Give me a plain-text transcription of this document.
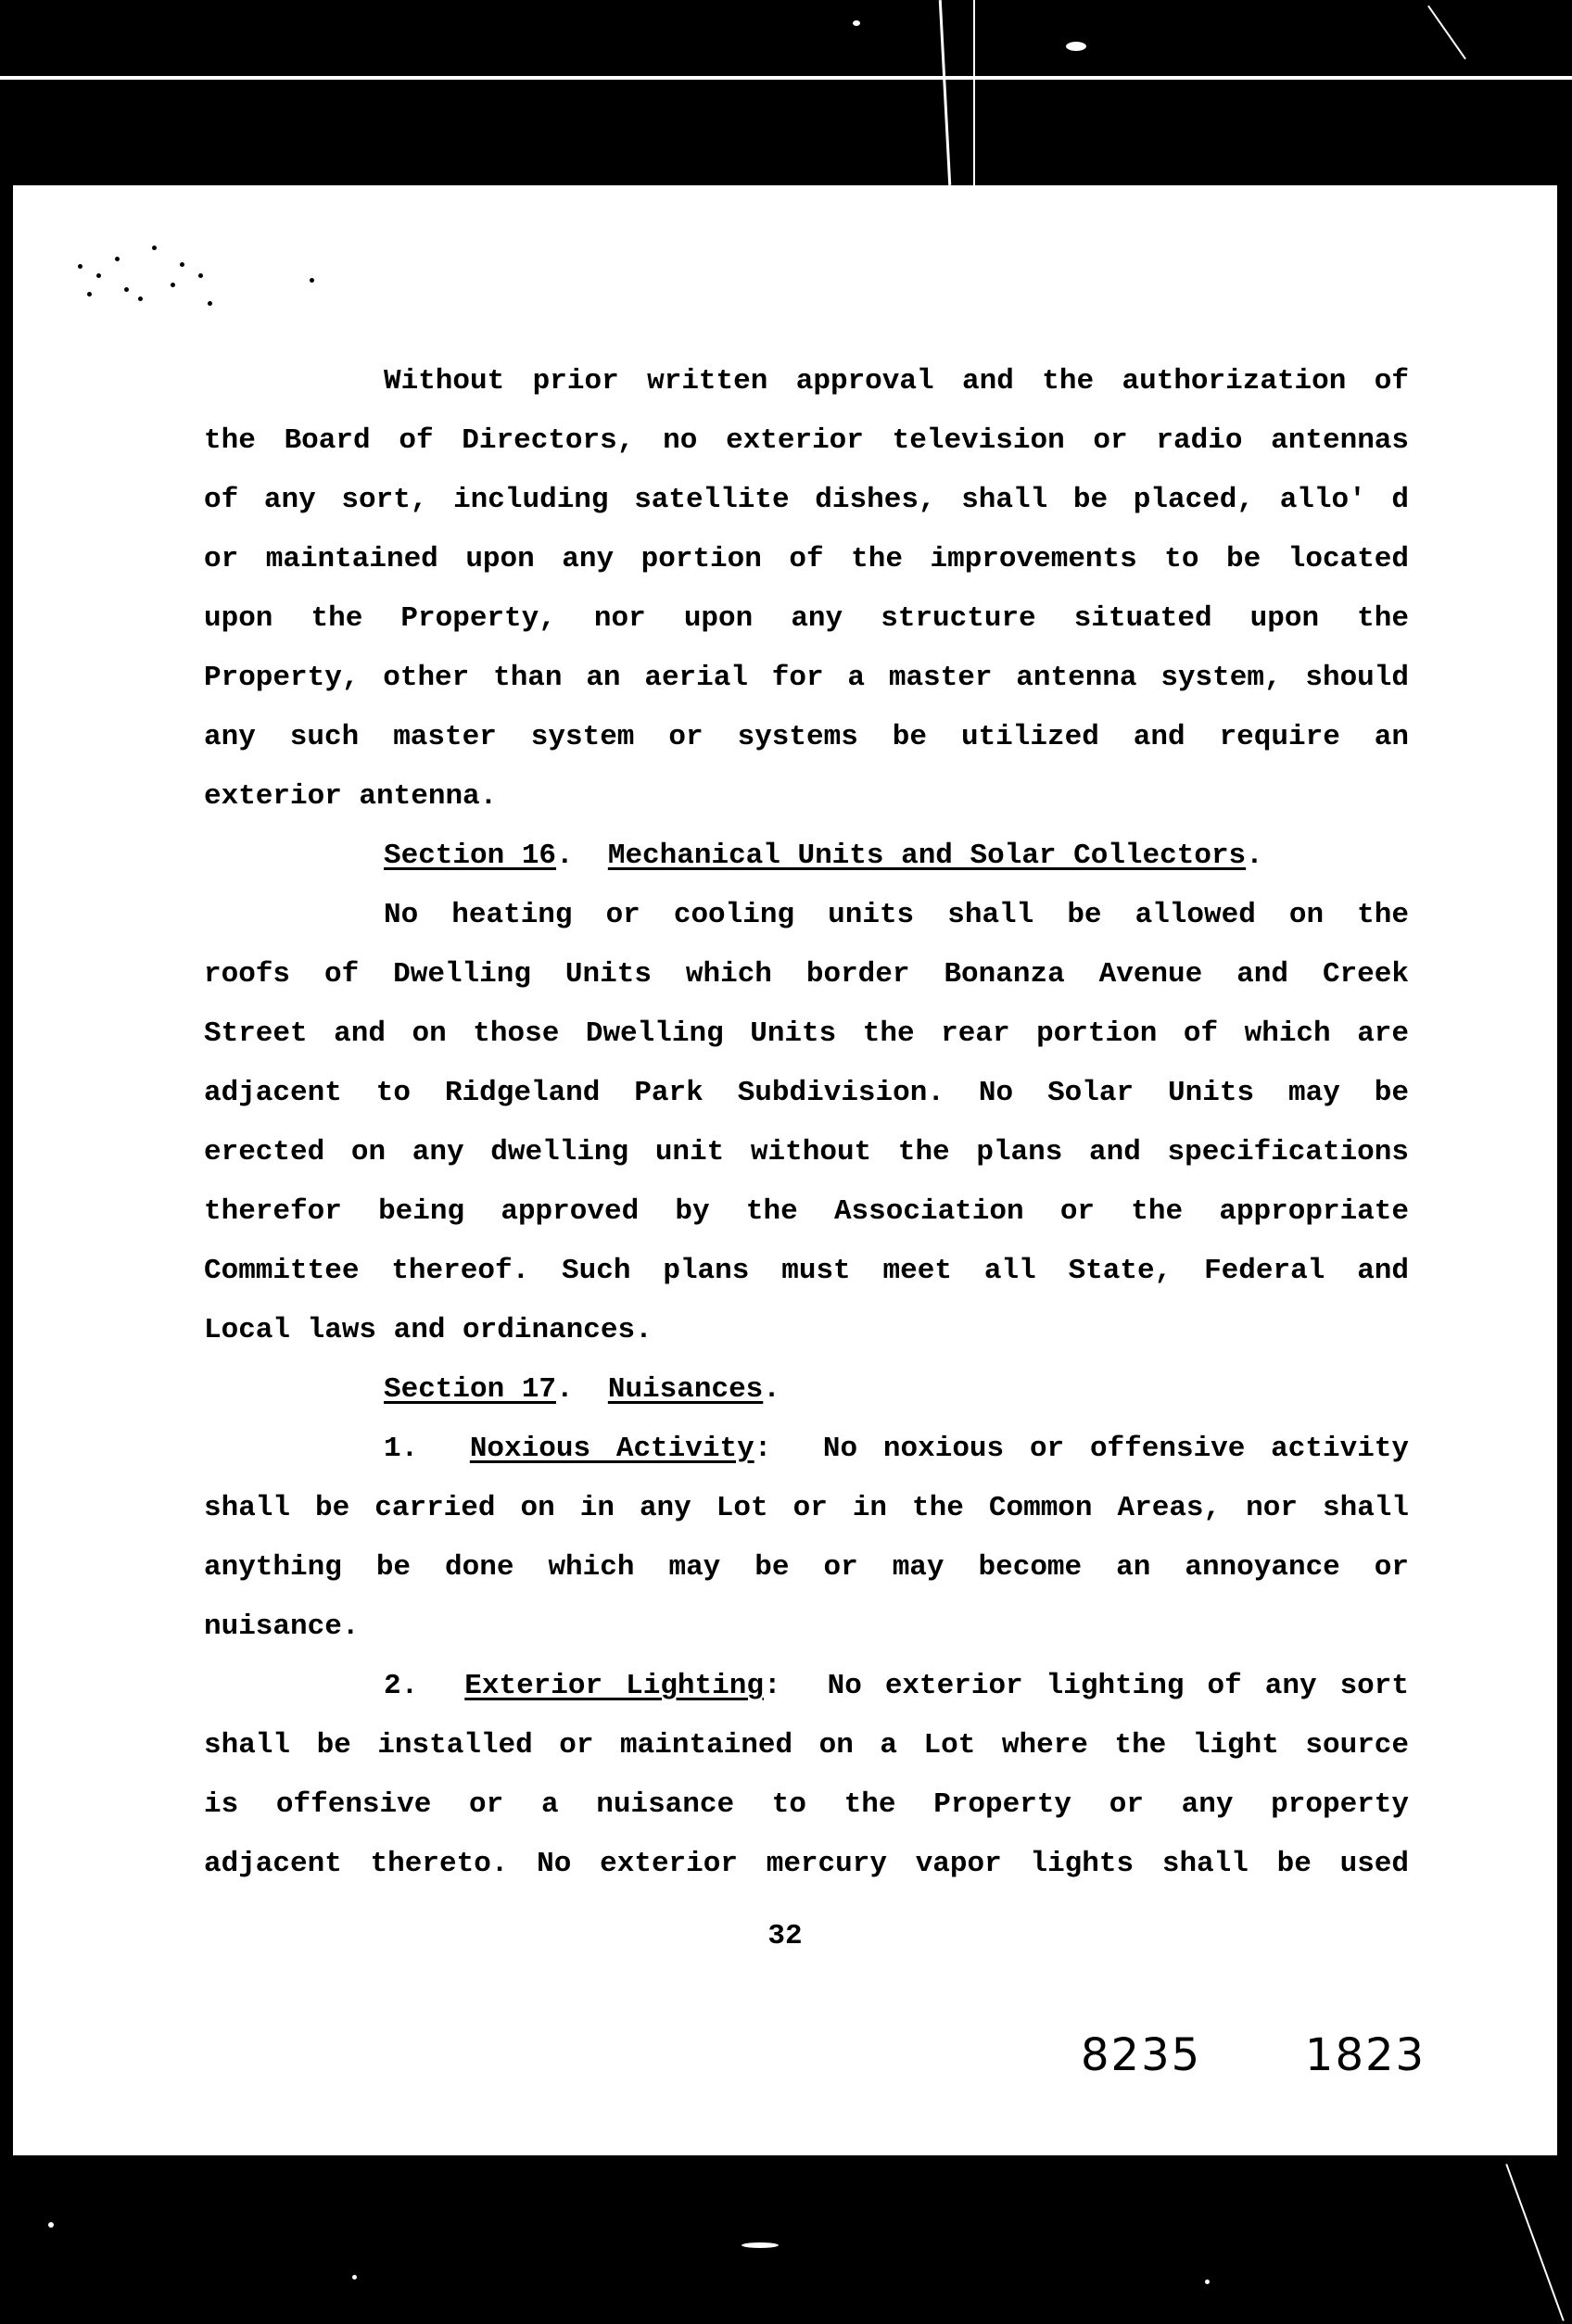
Without prior written approval and the authorization of
the Board of Directors, no exterior television or radio antennas
of any sort, including satellite dishes, shall be placed, allo' d
or maintained upon any portion of the improvements to be located
upon the Property, nor upon any structure situated upon the
Property, other than an aerial for a master antenna system, should
any such master system or systems be utilized and require an
exterior antenna.
Section 16.  Mechanical Units and Solar Collectors.
No heating or cooling units shall be allowed on the
roofs of Dwelling Units which border Bonanza Avenue and Creek
Street and on those Dwelling Units the rear portion of which are
adjacent to Ridgeland Park Subdivision. No Solar Units may be
erected on any dwelling unit without the plans and specifications
therefor being approved by the Association or the appropriate
Committee thereof. Such plans must meet all State, Federal and
Local laws and ordinances.
Section 17.  Nuisances.
1. Noxious Activity:  No noxious or offensive activity
shall be carried on in any Lot or in the Common Areas, nor shall
anything be done which may be or may become an annoyance or
nuisance.
2. Exterior Lighting:  No exterior lighting of any sort
shall be installed or maintained on a Lot where the light source
is offensive or a nuisance to the Property or any property
adjacent thereto. No exterior mercury vapor lights shall be used
32
8235   1823
